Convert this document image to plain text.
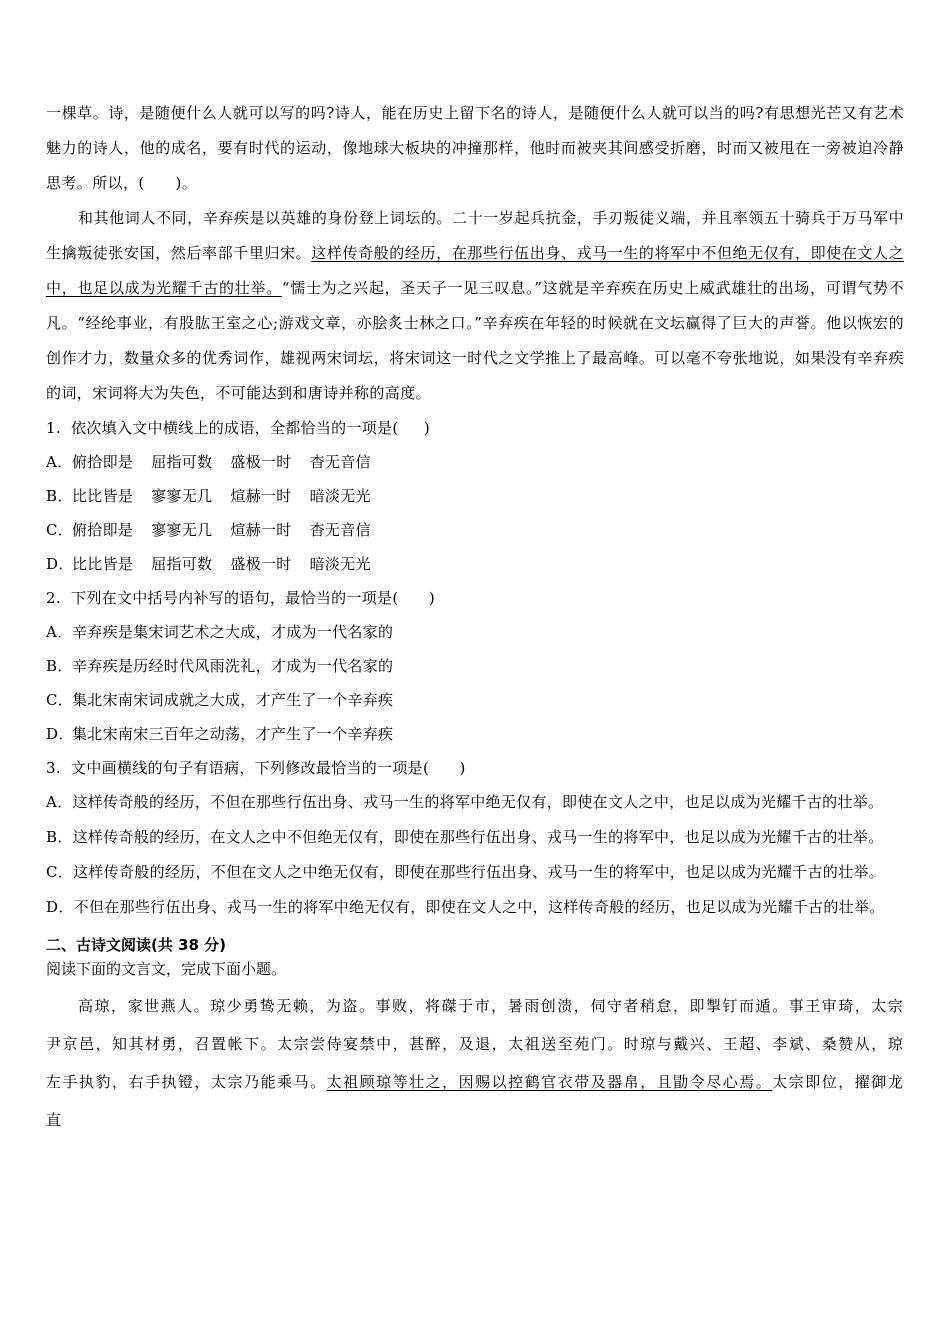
一棵草。诗，是随便什么人就可以写的吗?诗人，能在历史上留下名的诗人，是随便什么人就可以当的吗?有思想光芒又有艺术魅力的诗人，他的成名，要有时代的运动，像地球大板块的冲撞那样，他时而被夹其间感受折磨，时而又被甩在一旁被迫冷静思考。所以，(　　)。

和其他词人不同，辛弃疾是以英雄的身份登上词坛的。二十一岁起兵抗金，手刃叛徒义端，并且率领五十骑兵于万马军中生擒叛徒张安国，然后率部千里归宋。这样传奇般的经历，在那些行伍出身、戎马一生的将军中不但绝无仅有，即使在文人之中，也足以成为光耀千古的壮举。“懦士为之兴起，圣天子一见三叹息。”这就是辛弃疾在历史上威武雄壮的出场，可谓气势不凡。“经纶事业，有股肱王室之心;游戏文章，亦脍炙士林之口。”辛弃疾在年轻的时候就在文坛赢得了巨大的声誉。他以恢宏的创作才力，数量众多的优秀词作，雄视两宋词坛，将宋词这一时代之文学推上了最高峰。可以毫不夸张地说，如果没有辛弃疾的词，宋词将大为失色，不可能达到和唐诗并称的高度。

1.  依次填入文中横线上的成语，全都恰当的一项是(     )

A．俯拾即是 屈指可数 盛极一时 杳无音信

B．比比皆是 寥寥无几 煊赫一时 暗淡无光

C．俯拾即是 寥寥无几 煊赫一时 杳无音信

D．比比皆是 屈指可数 盛极一时 暗淡无光

2.  下列在文中括号内补写的语句，最恰当的一项是(      )

A．辛弃疾是集宋词艺术之大成，才成为一代名家的

B．辛弃疾是历经时代风雨洗礼，才成为一代名家的

C．集北宋南宋词成就之大成，才产生了一个辛弃疾

D．集北宋南宋三百年之动荡，才产生了一个辛弃疾

3.  文中画横线的句子有语病，下列修改最恰当的一项是(      )

A．这样传奇般的经历，不但在那些行伍出身、戎马一生的将军中绝无仅有，即使在文人之中，也足以成为光耀千古的壮举。

B．这样传奇般的经历，在文人之中不但绝无仅有，即使在那些行伍出身、戎马一生的将军中，也足以成为光耀千古的壮举。

C．这样传奇般的经历，不但在文人之中绝无仅有，即使在那些行伍出身、戎马一生的将军中，也足以成为光耀千古的壮举。

D．不但在那些行伍出身、戎马一生的将军中绝无仅有，即使在文人之中，这样传奇般的经历，也足以成为光耀千古的壮举。

二、古诗文阅读(共 38 分)

阅读下面的文言文，完成下面小题。

高琼，家世燕人。琼少勇鸷无赖，为盗。事败，将磔于市，暑雨创溃，伺守者稍怠，即掣钉而遁。事王审琦，太宗尹京邑，知其材勇，召置帐下。太宗尝侍宴禁中，甚醉，及退，太祖送至苑门。时琼与戴兴、王超、李斌、桑赞从，琼左手执豹，右手执镫，太宗乃能乘马。太祖顾琼等壮之，因赐以控鹤官衣带及器帛，且勖令尽心焉。太宗即位，擢御龙直
